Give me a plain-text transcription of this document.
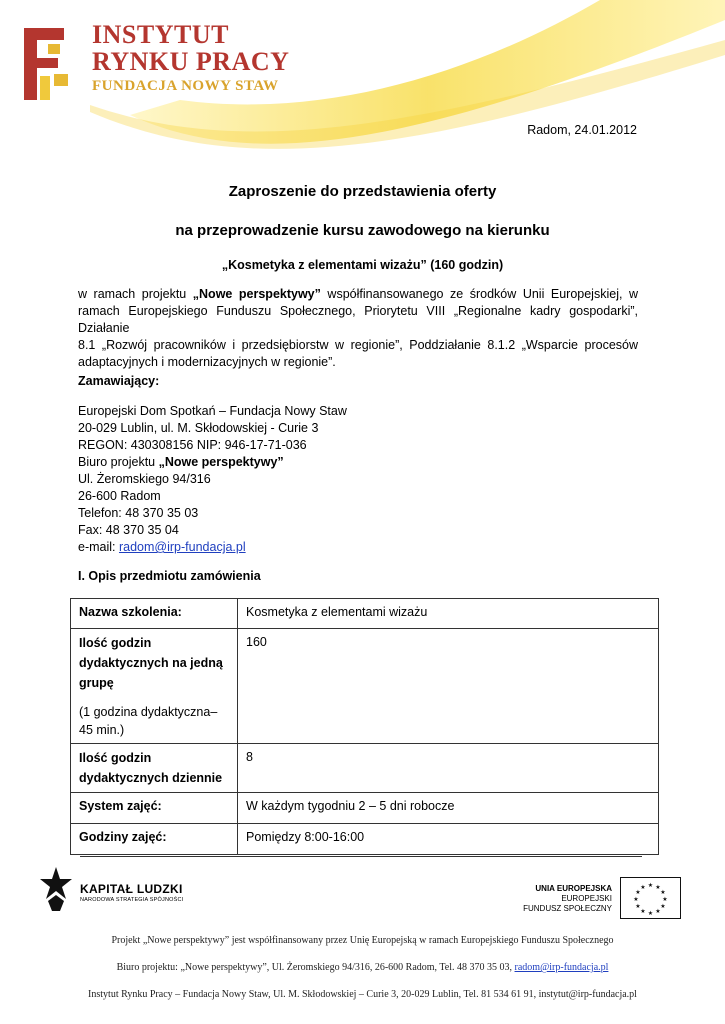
INSTYTUT
RYNKU PRACY
FUNDACJA NOWY STAW
Radom, 24.01.2012
Zaproszenie do przedstawienia oferty
na przeprowadzenie kursu zawodowego na kierunku
„Kosmetyka z elementami wizażu” (160 godzin)
w ramach projektu „Nowe perspektywy” współfinansowanego ze środków Unii Europejskiej, w
ramach Europejskiego Funduszu Społecznego, Priorytetu VIII „Regionalne kadry gospodarki”, Działanie
8.1 „Rozwój pracowników i przedsiębiorstw w regionie”, Poddziałanie 8.1.2 „Wsparcie procesów
adaptacyjnych i modernizacyjnych w regionie”.
Zamawiający:
Europejski Dom Spotkań – Fundacja Nowy Staw
20-029 Lublin, ul. M. Skłodowskiej - Curie 3
REGON: 430308156 NIP: 946-17-71-036
Biuro projektu „Nowe perspektywy”
Ul. Żeromskiego 94/316
26-600 Radom
Telefon: 48 370 35 03
Fax: 48 370 35 04
e-mail: radom@irp-fundacja.pl
I. Opis przedmiotu zamówienia
Nazwa szkolenia:	Kosmetyka z elementami wizażu

Ilość godzin dydaktycznych na jedną grupę
(1 godzina dydaktyczna– 45 min.)	160
Ilość godzin dydaktycznych dziennie	8
System zajęć:	W każdym tygodniu 2 – 5 dni robocze
Godziny zajęć:	Pomiędzy 8:00-16:00
KAPITAŁ LUDZKI
NARODOWA STRATEGIA SPÓJNOŚCI
UNIA EUROPEJSKA
EUROPEJSKI
FUNDUSZ SPOŁECZNY
★ ★
★
★
★
★
★
★
★
★
★
★
Projekt „Nowe perspektywy” jest współfinansowany przez Unię Europejską w ramach Europejskiego Funduszu Społecznego
Biuro projektu: „Nowe perspektywy”, Ul. Żeromskiego 94/316, 26-600 Radom, Tel. 48 370 35 03, radom@irp-fundacja.pl
Instytut Rynku Pracy – Fundacja Nowy Staw, Ul. M. Skłodowskiej – Curie 3, 20-029 Lublin, Tel. 81 534 61 91, instytut@irp-fundacja.pl
